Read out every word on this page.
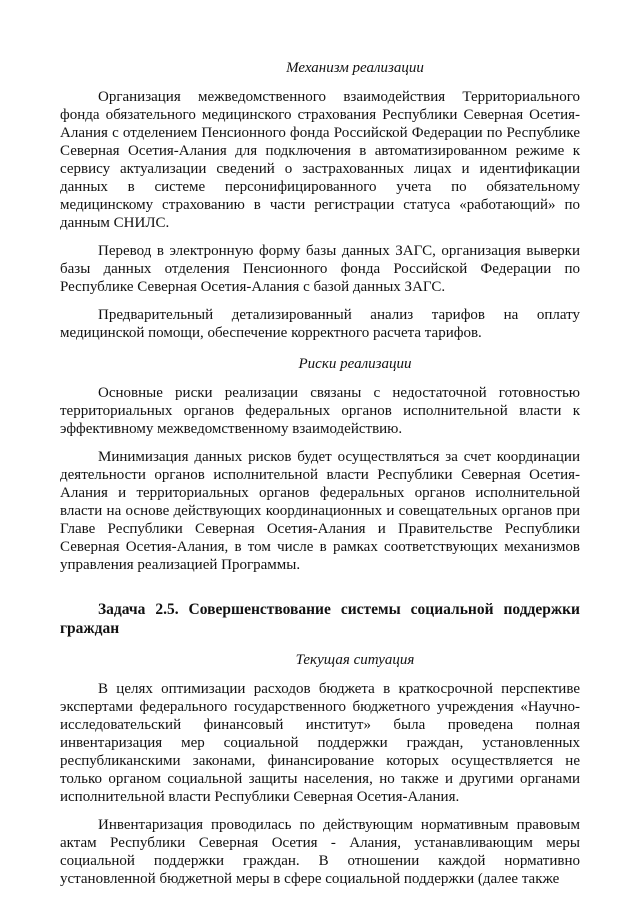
Механизм реализации

Организация межведомственного взаимодействия Территориального фонда обязательного медицинского страхования Республики Северная Осетия-Алания с отделением Пенсионного фонда Российской Федерации по Республике Северная Осетия-Алания для подключения в автоматизированном режиме к сервису актуализации сведений о застрахованных лицах и идентификации данных в системе персонифицированного учета по обязательному медицинскому страхованию в части регистрации статуса «работающий» по данным СНИЛС.

Перевод в электронную форму базы данных ЗАГС, организация выверки базы данных отделения Пенсионного фонда Российской Федерации по Республике Северная Осетия-Алания с базой данных ЗАГС.

Предварительный детализированный анализ тарифов на оплату медицинской помощи, обеспечение корректного расчета тарифов.

Риски реализации

Основные риски реализации связаны с недостаточной готовностью территориальных органов федеральных органов исполнительной власти к эффективному межведомственному взаимодействию.

Минимизация данных рисков будет осуществляться за счет координации деятельности органов исполнительной власти Республики Северная Осетия-Алания и территориальных органов федеральных органов исполнительной власти на основе действующих координационных и совещательных органов при Главе Республики Северная Осетия-Алания и Правительстве Республики Северная Осетия-Алания, в том числе в рамках соответствующих механизмов управления реализацией Программы.

Задача 2.5. Совершенствование системы социальной поддержки граждан
Текущая ситуация

В целях оптимизации расходов бюджета в краткосрочной перспективе экспертами федерального государственного бюджетного учреждения «Научно-исследовательский финансовый институт» была проведена полная инвентаризация мер социальной поддержки граждан, установленных республиканскими законами, финансирование которых осуществляется не только органом социальной защиты населения, но также и другими органами исполнительной власти Республики Северная Осетия-Алания.

Инвентаризация проводилась по действующим нормативным правовым актам Республики Северная Осетия - Алания, устанавливающим меры социальной поддержки граждан. В отношении каждой нормативно установленной бюджетной меры в сфере социальной поддержки (далее также
